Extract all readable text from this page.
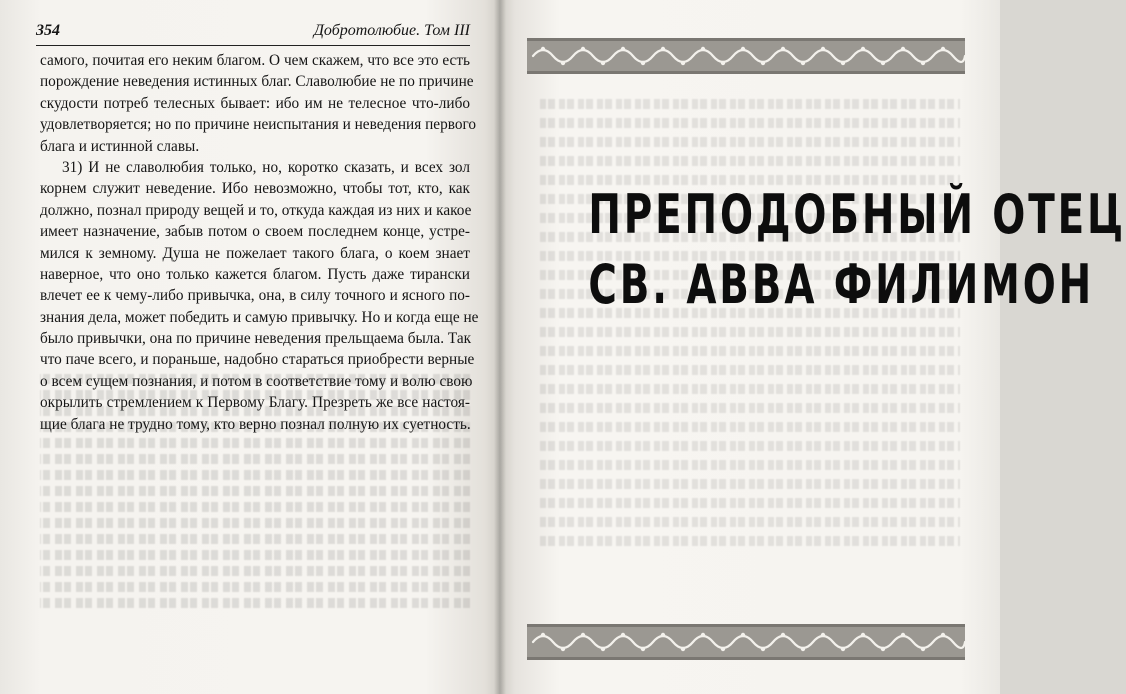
354	Добротолюбие. Том III
самого, почитая его неким благом. О чем скажем, что все это есть
порождение неведения истинных благ. Славолюбие не по причине
скудости потреб телесных бывает: ибо им не телесное что-либо
удовлетворяется; но по причине неиспытания и неведения первого
блага и истинной славы.
31) И не славолюбия только, но, коротко сказать, и всех зол
корнем служит неведение. Ибо невозможно, чтобы тот, кто, как
должно, познал природу вещей и то, откуда каждая из них и какое
имеет назначение, забыв потом о своем последнем конце, устре-
мился к земному. Душа не пожелает такого блага, о коем знает
наверное, что оно только кажется благом. Пусть даже тирански
влечет ее к чему-либо привычка, она, в силу точного и ясного по-
знания дела, может победить и самую привычку. Но и когда еще не
было привычки, она по причине неведения прельщаема была. Так
что паче всего, и пораньше, надобно стараться приобрести верные
о всем сущем познания, и потом в соответствие тому и волю свою
окрылить стремлением к Первому Благу. Презреть же все настоя-
щие блага не трудно тому, кто верно познал полную их суетность.
ПРЕПОДОБНЫЙ ОТЕЦ
СВ. АВВА ФИЛИМОН
